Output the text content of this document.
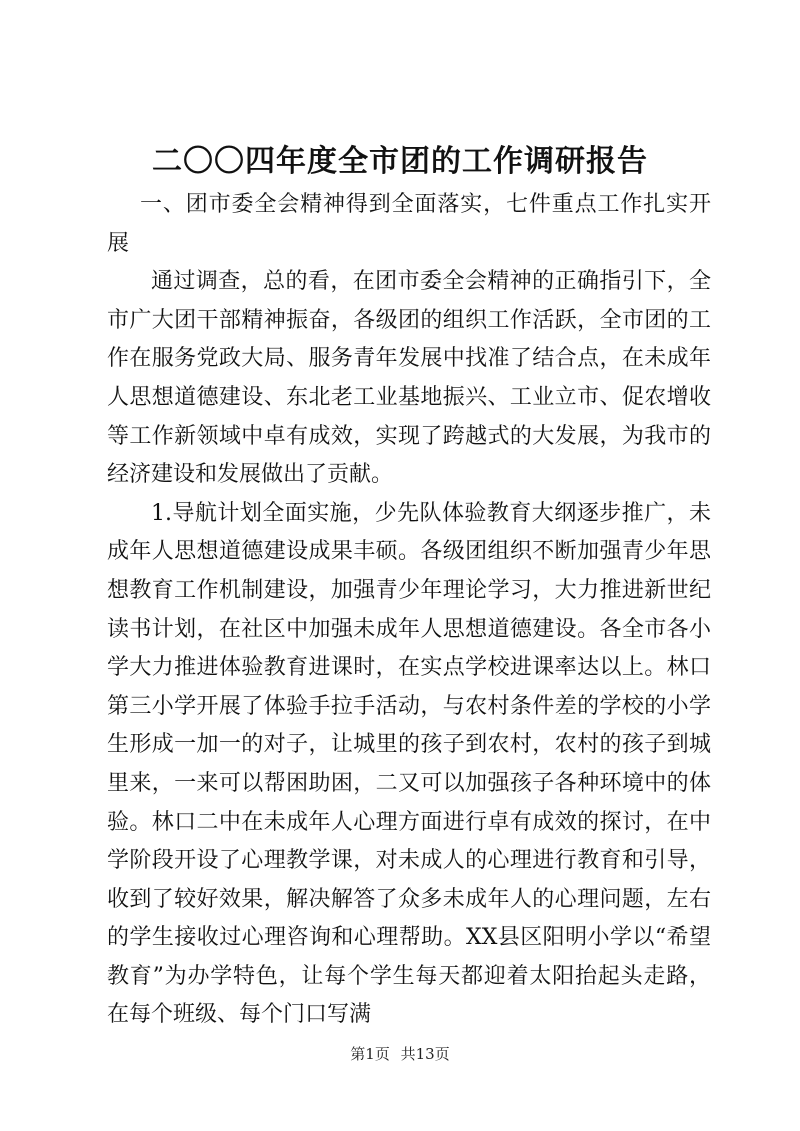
二〇〇四年度全市团的工作调研报告

一、团市委全会精神得到全面落实，七件重点工作扎实开展

通过调查，总的看，在团市委全会精神的正确指引下，全市广大团干部精神振奋，各级团的组织工作活跃，全市团的工作在服务党政大局、服务青年发展中找准了结合点，在未成年人思想道德建设、东北老工业基地振兴、工业立市、促农增收等工作新领域中卓有成效，实现了跨越式的大发展，为我市的经济建设和发展做出了贡献。

1.导航计划全面实施，少先队体验教育大纲逐步推广，未成年人思想道德建设成果丰硕。各级团组织不断加强青少年思想教育工作机制建设，加强青少年理论学习，大力推进新世纪读书计划，在社区中加强未成年人思想道德建设。各全市各小学大力推进体验教育进课时，在实点学校进课率达以上。林口第三小学开展了体验手拉手活动，与农村条件差的学校的小学生形成一加一的对子，让城里的孩子到农村，农村的孩子到城里来，一来可以帮困助困，二又可以加强孩子各种环境中的体验。林口二中在未成年人心理方面进行卓有成效的探讨，在中学阶段开设了心理教学课，对未成人的心理进行教育和引导，收到了较好效果，解决解答了众多未成年人的心理问题，左右的学生接收过心理咨询和心理帮助。XX县区阳明小学以“希望教育”为办学特色，让每个学生每天都迎着太阳抬起头走路，在每个班级、每个门口写满

第1页 共13页
